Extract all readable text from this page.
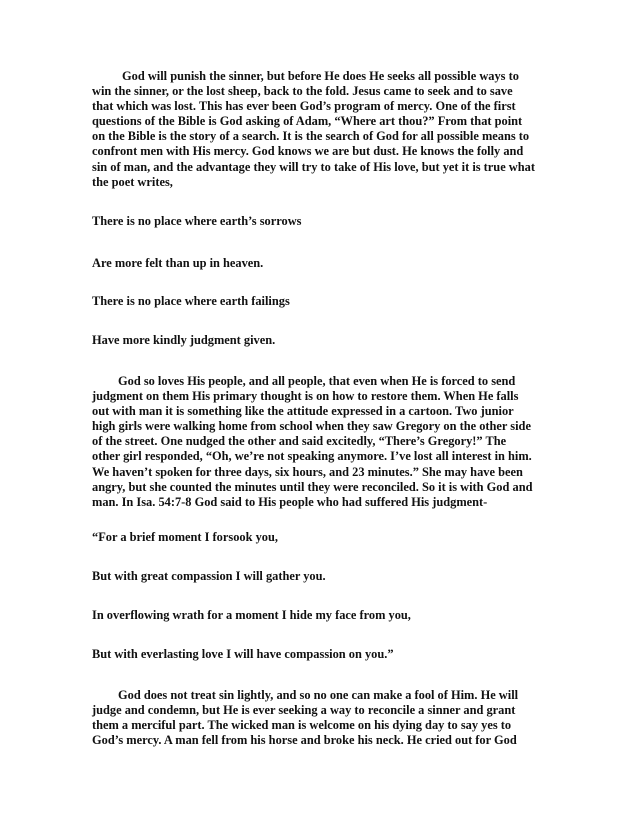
God will punish the sinner, but before He does He seeks all possible ways to
win the sinner, or the lost sheep, back to the fold. Jesus came to seek and to save
that which was lost. This has ever been God’s program of mercy. One of the first
questions of the Bible is God asking of Adam, “Where art thou?” From that point
on the Bible is the story of a search. It is the search of God for all possible means to
confront men with His mercy. God knows we are but dust. He knows the folly and
sin of man, and the advantage they will try to take of His love, but yet it is true what
the poet writes,
There is no place where earth’s sorrows
Are more felt than up in heaven.
There is no place where earth failings
Have more kindly judgment given.
God so loves His people, and all people, that even when He is forced to send
judgment on them His primary thought is on how to restore them. When He falls
out with man it is something like the attitude expressed in a cartoon. Two junior
high girls were walking home from school when they saw Gregory on the other side
of the street. One nudged the other and said excitedly, “There’s Gregory!” The
other girl responded, “Oh, we’re not speaking anymore. I’ve lost all interest in him.
We haven’t spoken for three days, six hours, and 23 minutes.” She may have been
angry, but she counted the minutes until they were reconciled. So it is with God and
man. In Isa. 54:7-8 God said to His people who had suffered His judgment-
“For a brief moment I forsook you,
But with great compassion I will gather you.
In overflowing wrath for a moment I hide my face from you,
But with everlasting love I will have compassion on you.”
God does not treat sin lightly, and so no one can make a fool of Him. He will
judge and condemn, but He is ever seeking a way to reconcile a sinner and grant
them a merciful part. The wicked man is welcome on his dying day to say yes to
God’s mercy. A man fell from his horse and broke his neck. He cried out for God
